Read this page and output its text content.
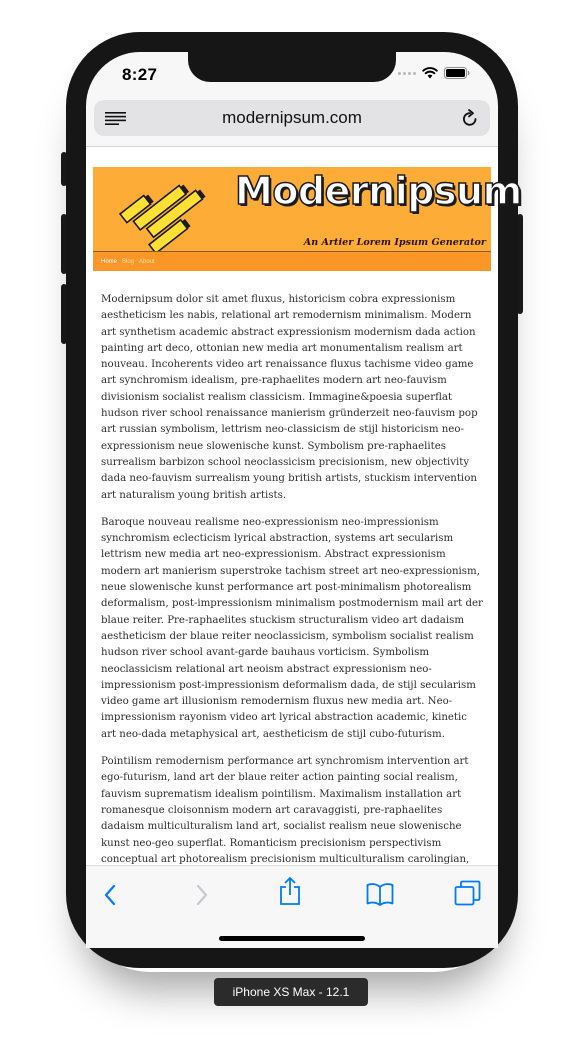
8:27
modernipsum.com
Modernipsum
An Artier Lorem Ipsum Generator
Home Blog About

Modernipsum dolor sit amet fluxus, historicism cobra expressionism aestheticism les nabis, relational art remodernism minimalism. Modern art synthetism academic abstract expressionism modernism dada action painting art deco, ottonian new media art monumentalism realism art nouveau. Incoherents video art renaissance fluxus tachisme video game art synchromism idealism, pre-raphaelites modern art neo-fauvism divisionism socialist realism classicism. Immagine&poesia superflat hudson river school renaissance manierism gründerzeit neo-fauvism pop art russian symbolism, lettrism neo-classicism de stijl historicism neo-expressionism neue slowenische kunst. Symbolism pre-raphaelites surrealism barbizon school neoclassicism precisionism, new objectivity dada neo-fauvism surrealism young british artists, stuckism intervention art naturalism young british artists.

Baroque nouveau realisme neo-expressionism neo-impressionism synchromism eclecticism lyrical abstraction, systems art secularism lettrism new media art neo-expressionism. Abstract expressionism modern art manierism superstroke tachism street art neo-expressionism, neue slowenische kunst performance art post-minimalism photorealism deformalism, post-impressionism minimalism postmodernism mail art der blaue reiter. Pre-raphaelites stuckism structuralism video art dadaism aestheticism der blaue reiter neoclassicism, symbolism socialist realism hudson river school avant-garde bauhaus vorticism. Symbolism neoclassicism relational art neoism abstract expressionism neo-impressionism post-impressionism deformalism dada, de stijl secularism video game art illusionism remodernism fluxus new media art. Neo-impressionism rayonism video art lyrical abstraction academic, kinetic art neo-dada metaphysical art, aestheticism de stijl cubo-futurism.

Pointilism remodernism performance art synchromism intervention art ego-futurism, land art der blaue reiter action painting social realism, fauvism suprematism idealism pointilism. Maximalism installation art romanesque cloisonnism modern art caravaggisti, pre-raphaelites dadaism multiculturalism land art, socialist realism neue slowenische kunst neo-geo superflat. Romanticism precisionism perspectivism conceptual art photorealism precisionism multiculturalism carolingian,

iPhone XS Max - 12.1
